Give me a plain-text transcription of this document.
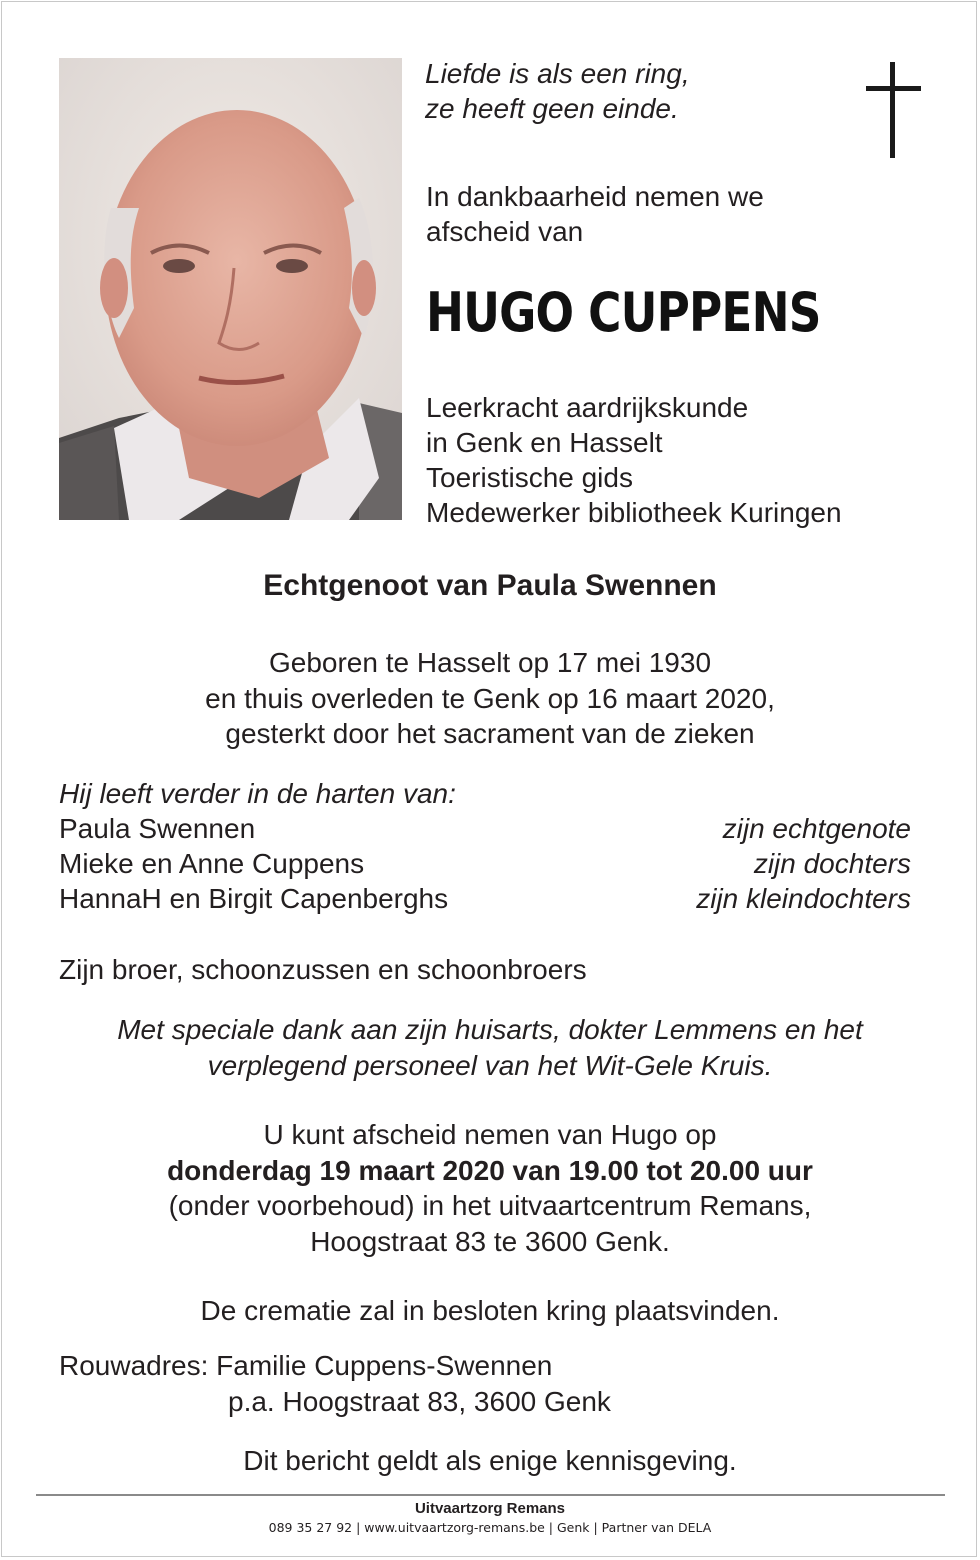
Liefde is als een ring,
ze heeft geen einde.
In dankbaarheid nemen we
afscheid van
HUGO CUPPENS
Leerkracht aardrijkskunde
in Genk en Hasselt
Toeristische gids
Medewerker bibliotheek Kuringen
Echtgenoot van Paula Swennen
Geboren te Hasselt op 17 mei 1930
en thuis overleden te Genk op 16 maart 2020,
gesterkt door het sacrament van de zieken
Hij leeft verder in de harten van:
Paula Swennen	zijn echtgenote
Mieke en Anne Cuppens	zijn dochters
HannaH en Birgit Capenberghs	zijn kleindochters
Zijn broer, schoonzussen en schoonbroers
Met speciale dank aan zijn huisarts, dokter Lemmens en het
verplegend personeel van het Wit-Gele Kruis.
U kunt afscheid nemen van Hugo op
donderdag 19 maart 2020 van 19.00 tot 20.00 uur
(onder voorbehoud) in het uitvaartcentrum Remans,
Hoogstraat 83 te 3600 Genk.
De crematie zal in besloten kring plaatsvinden.
Rouwadres: Familie Cuppens-Swennen
p.a. Hoogstraat 83, 3600 Genk
Dit bericht geldt als enige kennisgeving.
Uitvaartzorg Remans
089 35 27 92 | www.uitvaartzorg-remans.be | Genk | Partner van DELA
